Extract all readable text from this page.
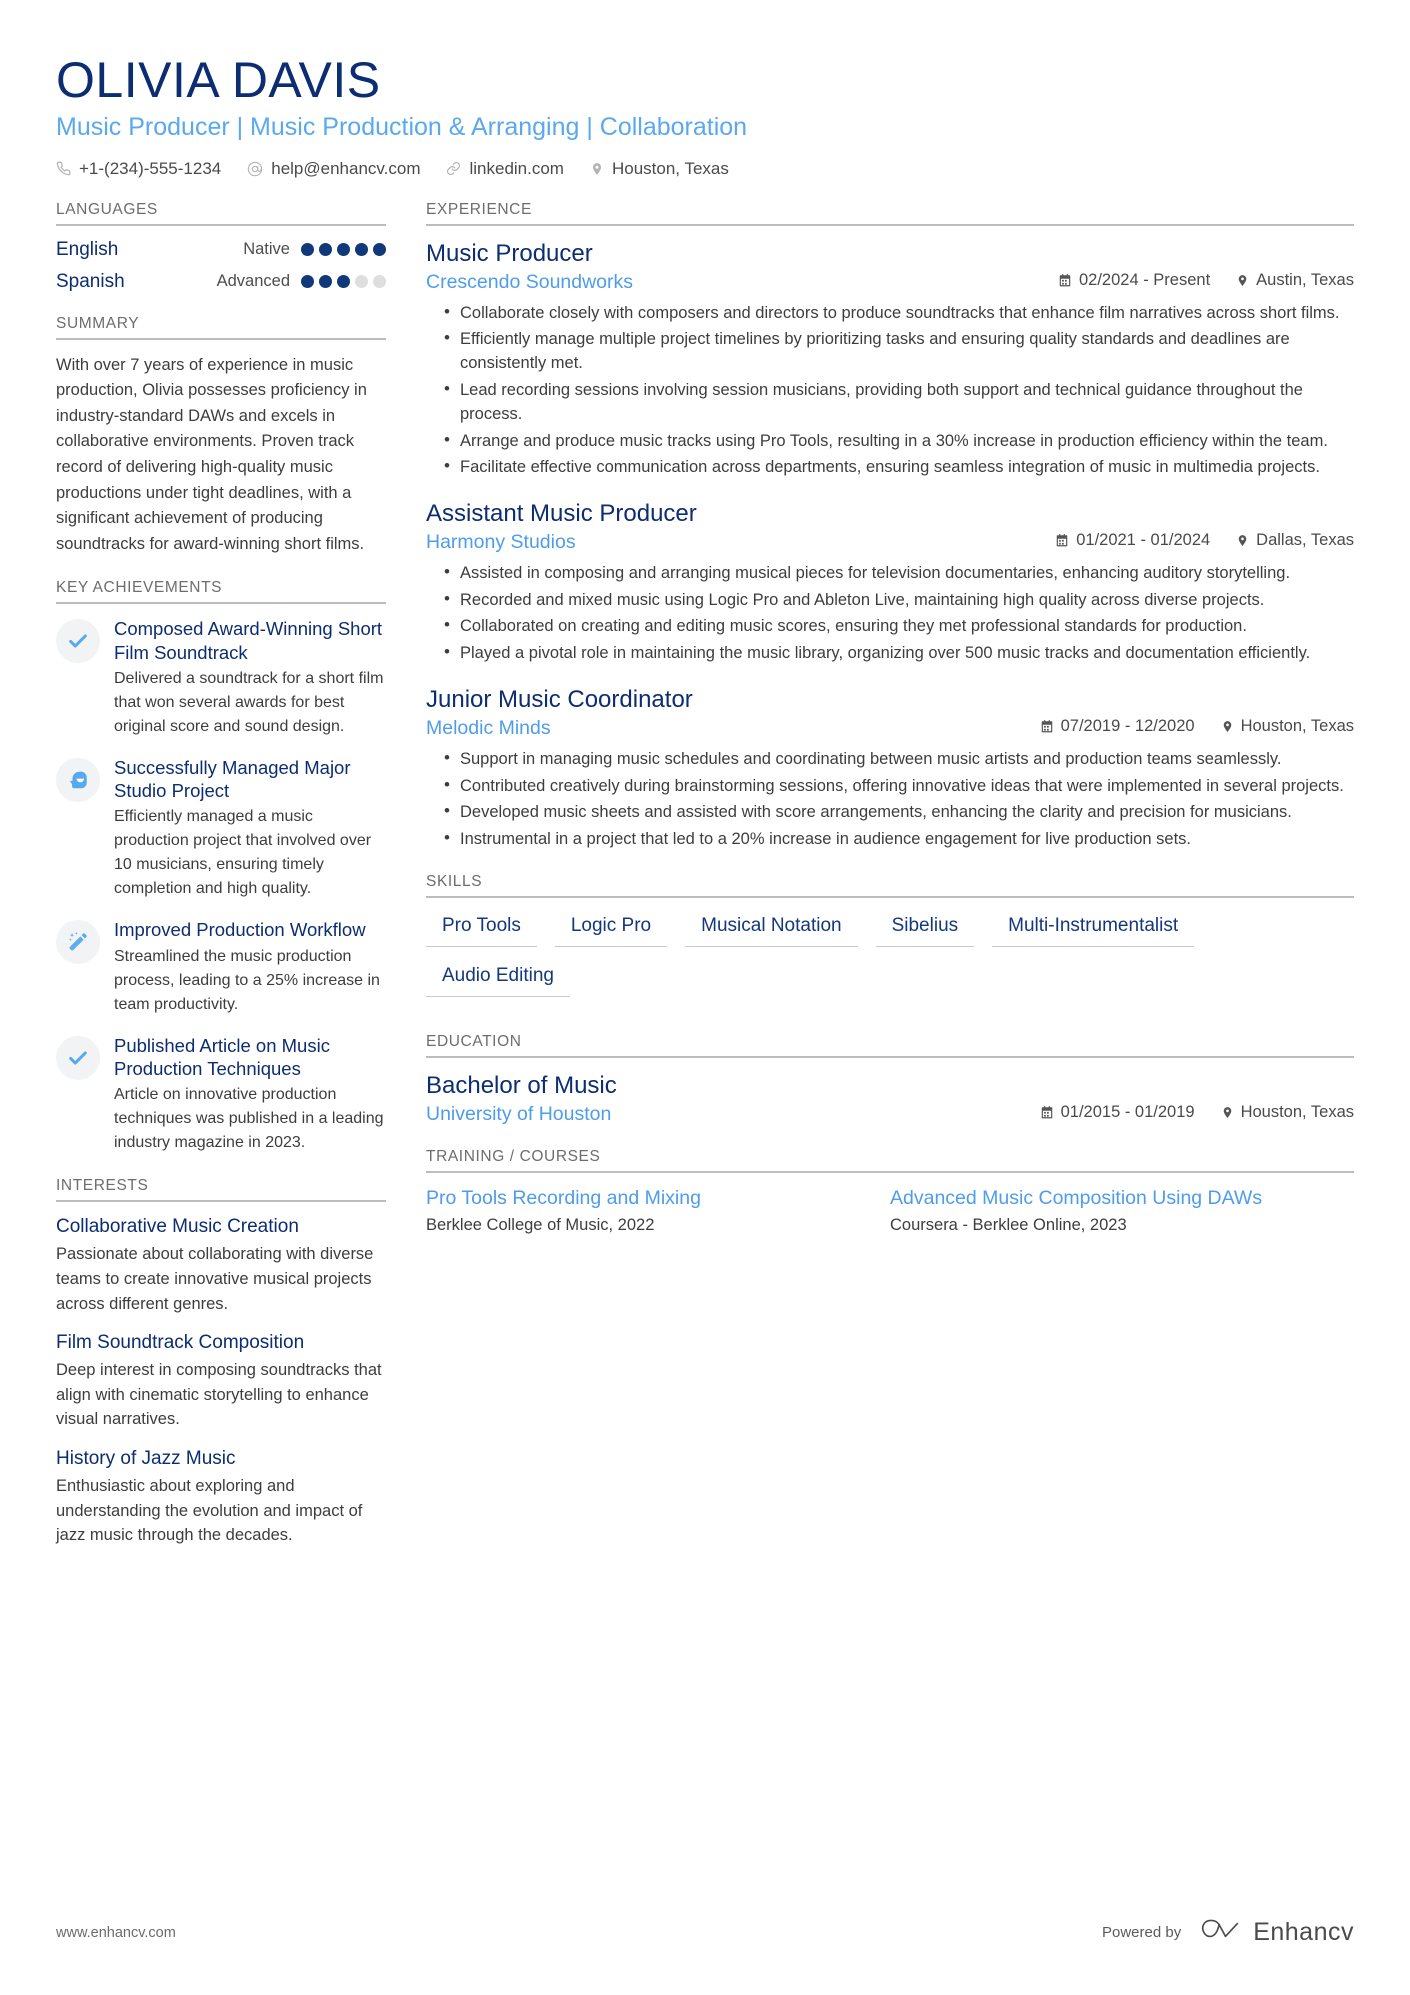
OLIVIA DAVIS
Music Producer | Music Production & Arranging | Collaboration
+1-(234)-555-1234	help@enhancv.com	linkedin.com	Houston, Texas
LANGUAGES
English	Native
Spanish	Advanced
SUMMARY
With over 7 years of experience in music production, Olivia possesses proficiency in industry-standard DAWs and excels in collaborative environments. Proven track record of delivering high-quality music productions under tight deadlines, with a significant achievement of producing soundtracks for award-winning short films.
KEY ACHIEVEMENTS
Composed Award-Winning Short Film Soundtrack
Delivered a soundtrack for a short film that won several awards for best original score and sound design.
Successfully Managed Major Studio Project
Efficiently managed a music production project that involved over 10 musicians, ensuring timely completion and high quality.
Improved Production Workflow
Streamlined the music production process, leading to a 25% increase in team productivity.
Published Article on Music Production Techniques
Article on innovative production techniques was published in a leading industry magazine in 2023.
INTERESTS
Collaborative Music Creation
Passionate about collaborating with diverse teams to create innovative musical projects across different genres.
Film Soundtrack Composition
Deep interest in composing soundtracks that align with cinematic storytelling to enhance visual narratives.
History of Jazz Music
Enthusiastic about exploring and understanding the evolution and impact of jazz music through the decades.
EXPERIENCE
Music Producer
Crescendo Soundworks	02/2024 - Present	Austin, Texas
• Collaborate closely with composers and directors to produce soundtracks that enhance film narratives across short films.
• Efficiently manage multiple project timelines by prioritizing tasks and ensuring quality standards and deadlines are consistently met.
• Lead recording sessions involving session musicians, providing both support and technical guidance throughout the process.
• Arrange and produce music tracks using Pro Tools, resulting in a 30% increase in production efficiency within the team.
• Facilitate effective communication across departments, ensuring seamless integration of music in multimedia projects.
Assistant Music Producer
Harmony Studios	01/2021 - 01/2024	Dallas, Texas
• Assisted in composing and arranging musical pieces for television documentaries, enhancing auditory storytelling.
• Recorded and mixed music using Logic Pro and Ableton Live, maintaining high quality across diverse projects.
• Collaborated on creating and editing music scores, ensuring they met professional standards for production.
• Played a pivotal role in maintaining the music library, organizing over 500 music tracks and documentation efficiently.
Junior Music Coordinator
Melodic Minds	07/2019 - 12/2020	Houston, Texas
• Support in managing music schedules and coordinating between music artists and production teams seamlessly.
• Contributed creatively during brainstorming sessions, offering innovative ideas that were implemented in several projects.
• Developed music sheets and assisted with score arrangements, enhancing the clarity and precision for musicians.
• Instrumental in a project that led to a 20% increase in audience engagement for live production sets.
SKILLS
Pro Tools	Logic Pro	Musical Notation	Sibelius	Multi-Instrumentalist
Audio Editing
EDUCATION
Bachelor of Music
University of Houston	01/2015 - 01/2019	Houston, Texas
TRAINING / COURSES
Pro Tools Recording and Mixing
Berklee College of Music, 2022
Advanced Music Composition Using DAWs
Coursera - Berklee Online, 2023
www.enhancv.com	Powered by	Enhancv
